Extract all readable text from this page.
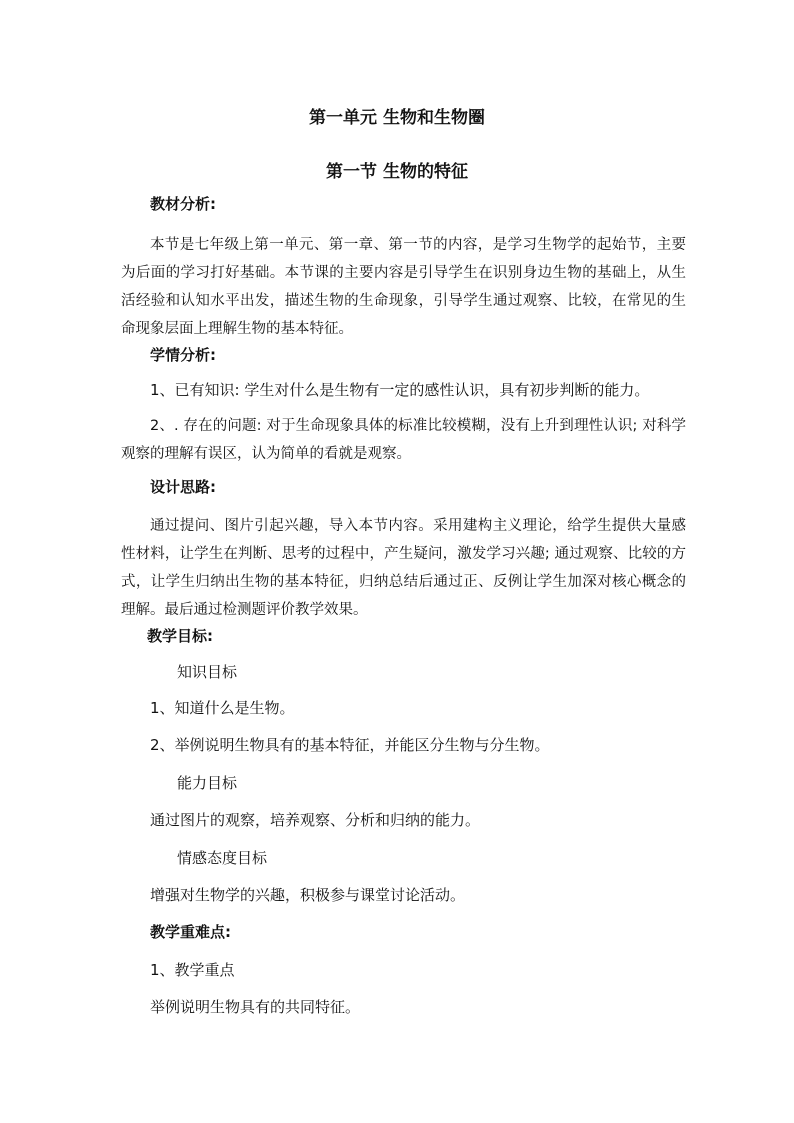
第一单元 生物和生物圈
第一节 生物的特征
教材分析:
本节是七年级上第一单元、第一章、第一节的内容，是学习生物学的起始节，主要为后面的学习打好基础。本节课的主要内容是引导学生在识别身边生物的基础上，从生活经验和认知水平出发，描述生物的生命现象，引导学生通过观察、比较，在常见的生命现象层面上理解生物的基本特征。
学情分析:
1、已有知识: 学生对什么是生物有一定的感性认识，具有初步判断的能力。
2、. 存在的问题: 对于生命现象具体的标准比较模糊，没有上升到理性认识; 对科学观察的理解有误区，认为简单的看就是观察。
设计思路:
通过提问、图片引起兴趣，导入本节内容。采用建构主义理论，给学生提供大量感性材料，让学生在判断、思考的过程中，产生疑问，激发学习兴趣; 通过观察、比较的方式，让学生归纳出生物的基本特征，归纳总结后通过正、反例让学生加深对核心概念的理解。最后通过检测题评价教学效果。
教学目标:
知识目标
1、知道什么是生物。
2、举例说明生物具有的基本特征，并能区分生物与分生物。
能力目标
通过图片的观察，培养观察、分析和归纳的能力。
情感态度目标
增强对生物学的兴趣，积极参与课堂讨论活动。
教学重难点:
1、教学重点
举例说明生物具有的共同特征。
